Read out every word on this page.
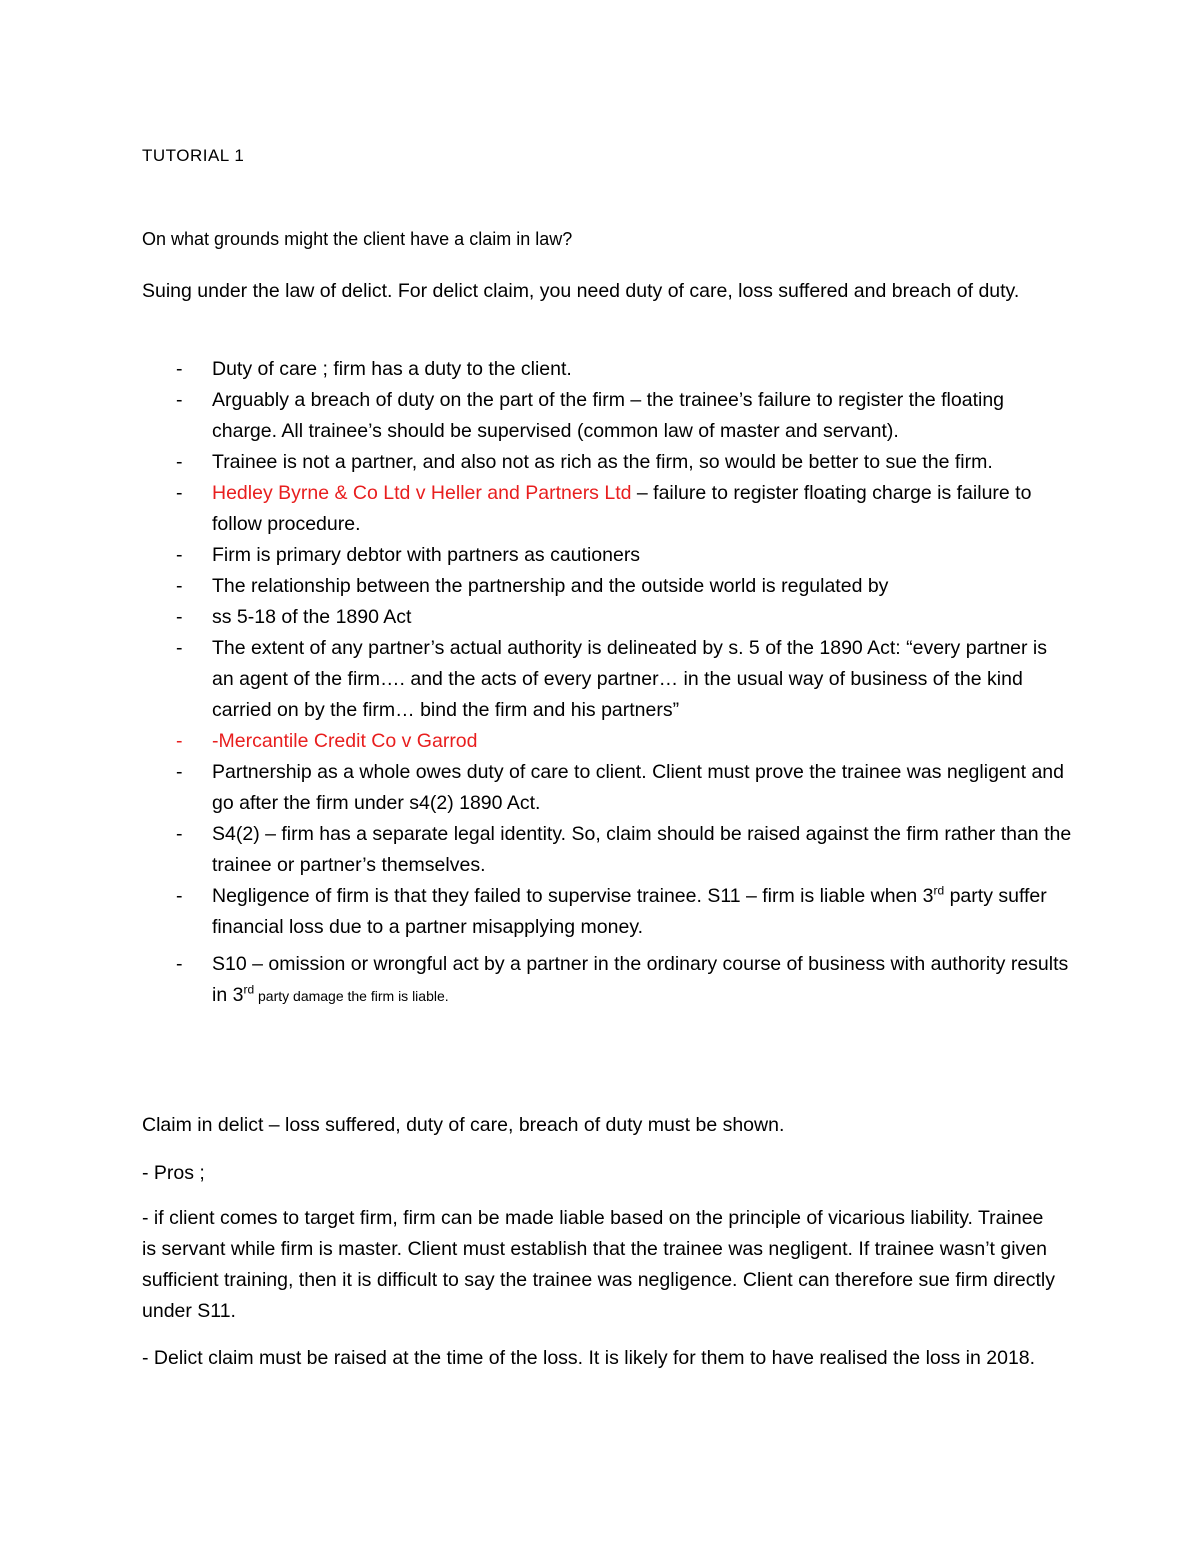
TUTORIAL 1
On what grounds might the client have a claim in law?
Suing under the law of delict. For delict claim, you need duty of care, loss suffered and breach of duty.
- Duty of care ; firm has a duty to the client.
- Arguably a breach of duty on the part of the firm – the trainee’s failure to register the floating charge. All trainee’s should be supervised (common law of master and servant).
- Trainee is not a partner, and also not as rich as the firm, so would be better to sue the firm.
- Hedley Byrne & Co Ltd v Heller and Partners Ltd – failure to register floating charge is failure to follow procedure.
- Firm is primary debtor with partners as cautioners
- The relationship between the partnership and the outside world is regulated by
- ss 5-18 of the 1890 Act
- The extent of any partner’s actual authority is delineated by s. 5 of the 1890 Act: “every partner is an agent of the firm…. and the acts of every partner… in the usual way of business of the kind carried on by the firm… bind the firm and his partners”
- -Mercantile Credit Co v Garrod
- Partnership as a whole owes duty of care to client. Client must prove the trainee was negligent and go after the firm under s4(2) 1890 Act.
- S4(2) – firm has a separate legal identity. So, claim should be raised against the firm rather than the trainee or partner’s themselves.
- Negligence of firm is that they failed to supervise trainee. S11 – firm is liable when 3rd party suffer financial loss due to a partner misapplying money.
- S10 – omission or wrongful act by a partner in the ordinary course of business with authority results in 3rd party damage the firm is liable.

Claim in delict – loss suffered, duty of care, breach of duty must be shown.

- Pros ;

- if client comes to target firm, firm can be made liable based on the principle of vicarious liability. Trainee is servant while firm is master. Client must establish that the trainee was negligent. If trainee wasn’t given sufficient training, then it is difficult to say the trainee was negligence. Client can therefore sue firm directly under S11.

- Delict claim must be raised at the time of the loss. It is likely for them to have realised the loss in 2018.
